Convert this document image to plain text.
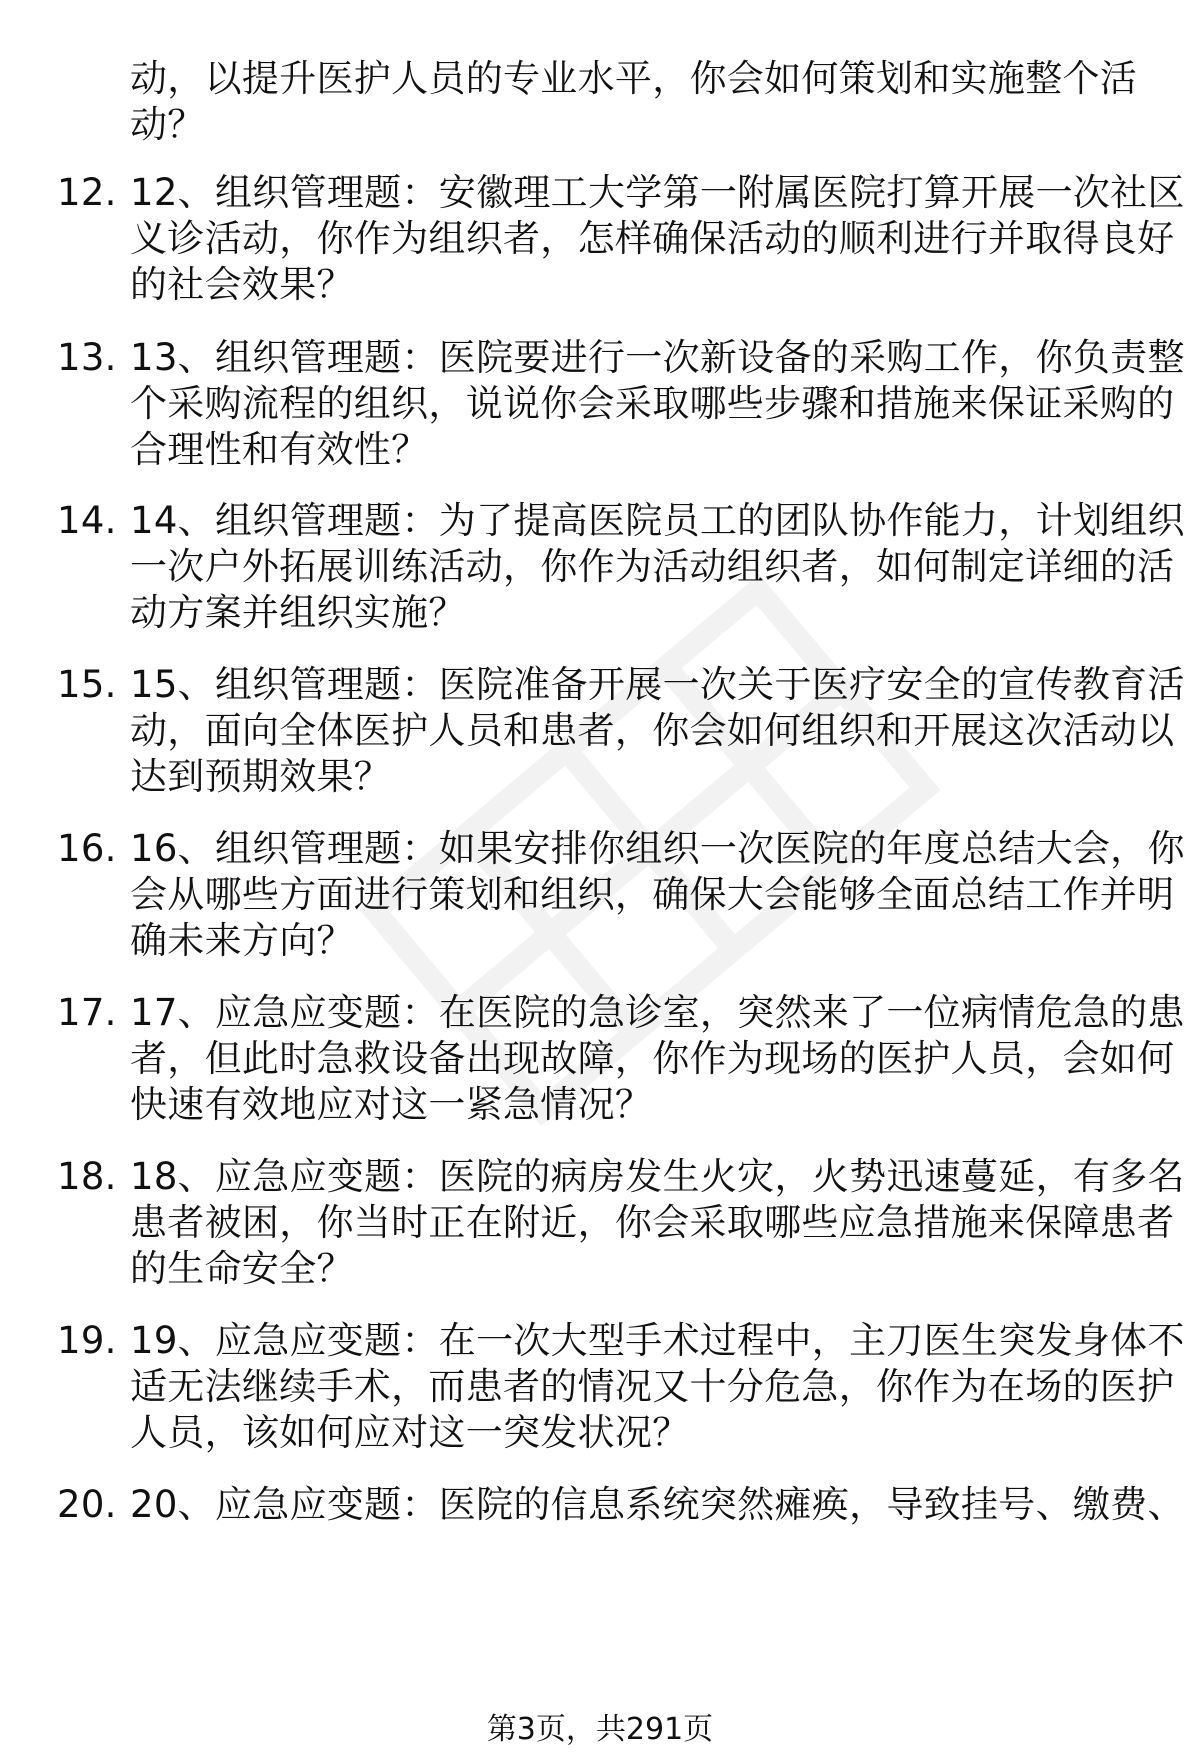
动，以提升医护人员的专业水平，你会如何策划和实施整个活
动？
12. 12、组织管理题：安徽理工大学第一附属医院打算开展一次社区
义诊活动，你作为组织者，怎样确保活动的顺利进行并取得良好
的社会效果？
13. 13、组织管理题：医院要进行一次新设备的采购工作，你负责整
个采购流程的组织，说说你会采取哪些步骤和措施来保证采购的
合理性和有效性？
14. 14、组织管理题：为了提高医院员工的团队协作能力，计划组织
一次户外拓展训练活动，你作为活动组织者，如何制定详细的活
动方案并组织实施？
15. 15、组织管理题：医院准备开展一次关于医疗安全的宣传教育活
动，面向全体医护人员和患者，你会如何组织和开展这次活动以
达到预期效果？
16. 16、组织管理题：如果安排你组织一次医院的年度总结大会，你
会从哪些方面进行策划和组织，确保大会能够全面总结工作并明
确未来方向？
17. 17、应急应变题：在医院的急诊室，突然来了一位病情危急的患
者，但此时急救设备出现故障，你作为现场的医护人员，会如何
快速有效地应对这一紧急情况？
18. 18、应急应变题：医院的病房发生火灾，火势迅速蔓延，有多名
患者被困，你当时正在附近，你会采取哪些应急措施来保障患者
的生命安全？
19. 19、应急应变题：在一次大型手术过程中，主刀医生突发身体不
适无法继续手术，而患者的情况又十分危急，你作为在场的医护
人员，该如何应对这一突发状况？
20. 20、应急应变题：医院的信息系统突然瘫痪，导致挂号、缴费、
第3页，共291页
